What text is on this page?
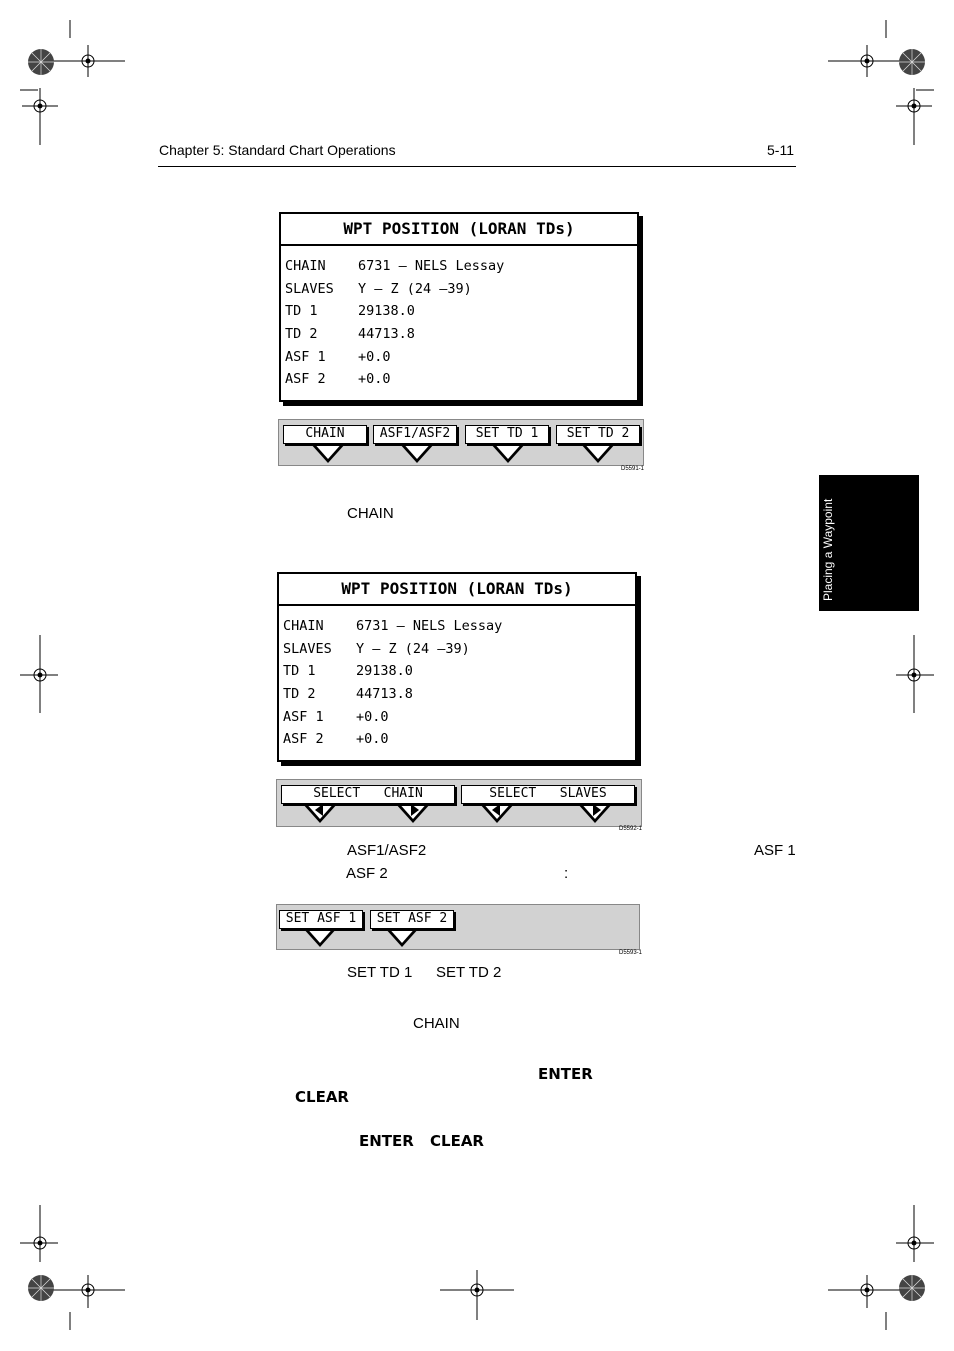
Chapter 5: Standard Chart Operations	5-11
Placing a Waypoint
WPT POSITION (LORAN TDs)
CHAIN 6731 – NELS Lessay
SLAVES Y – Z (24 –39)
TD 1	29138.0
TD 2	44713.8
ASF 1 +0.0
ASF 2 +0.0
CHAIN	ASF1/ASF2	SET TD 1	SET TD 2
D5591-1
CHAIN
WPT POSITION (LORAN TDs)
CHAIN 6731 – NELS Lessay
SLAVES Y – Z (24 –39)
TD 1	29138.0
TD 2	44713.8
ASF 1 +0.0
ASF 2 +0.0
SELECT   CHAIN	SELECT   SLAVES
D5592-1
ASF1/ASF2	ASF 1
ASF 2	:
SET ASF 1	SET ASF 2
D5593-1
SET TD 1 SET TD 2
CHAIN
ENTER
CLEAR
ENTER CLEAR
